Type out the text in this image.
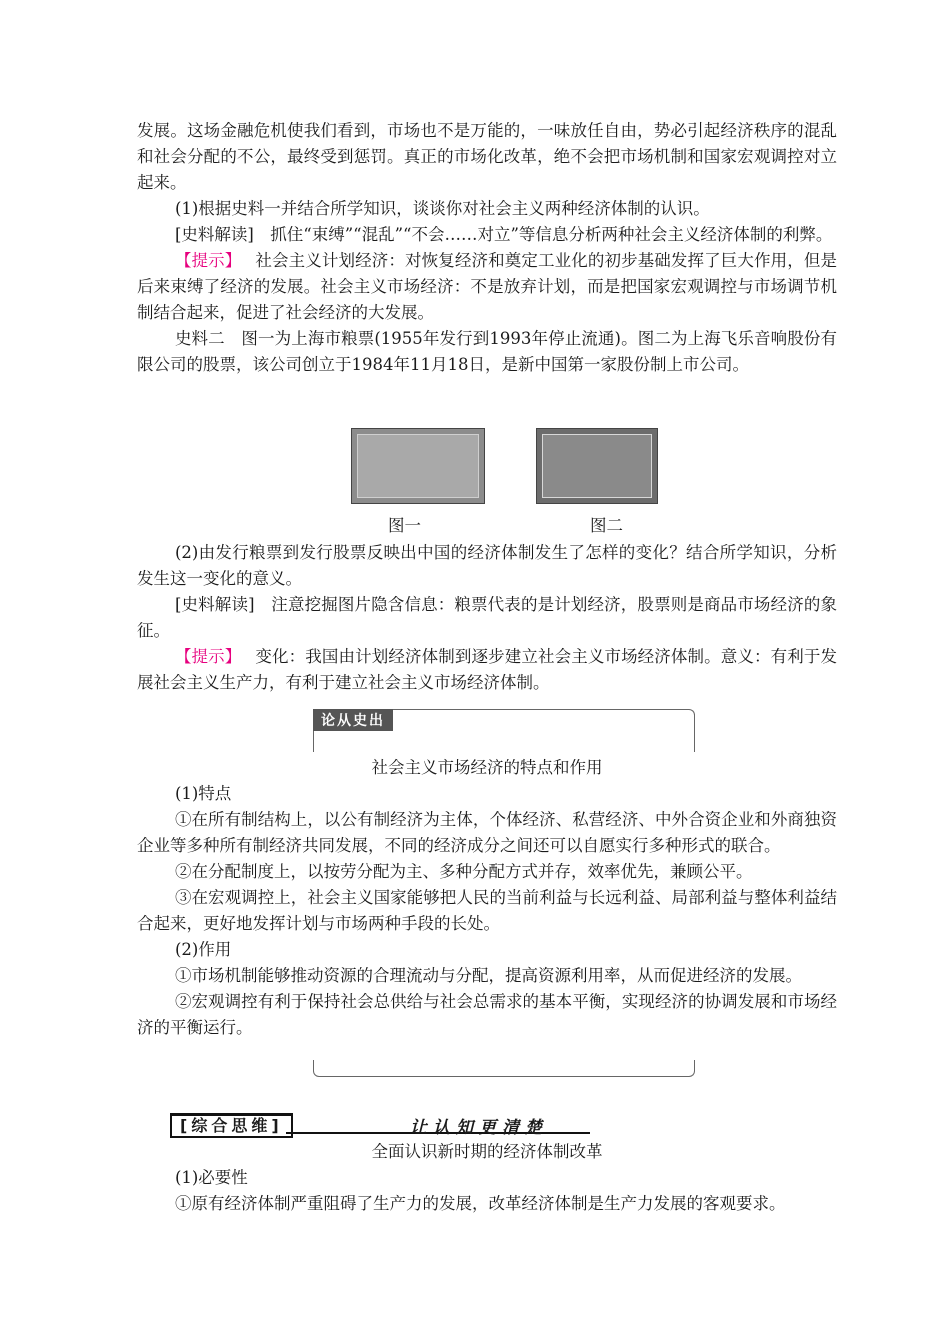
发展。这场金融危机使我们看到，市场也不是万能的，一味放任自由，势必引起经济秩序的混乱和社会分配的不公，最终受到惩罚。真正的市场化改革，绝不会把市场机制和国家宏观调控对立起来。

(1)根据史料一并结合所学知识，谈谈你对社会主义两种经济体制的认识。

[史料解读]　抓住“束缚”“混乱”“不会……对立”等信息分析两种社会主义经济体制的利弊。

【提示】 社会主义计划经济：对恢复经济和奠定工业化的初步基础发挥了巨大作用，但是后来束缚了经济的发展。社会主义市场经济：不是放弃计划，而是把国家宏观调控与市场调节机制结合起来，促进了社会经济的大发展。

史料二　图一为上海市粮票(1955年发行到1993年停止流通)。图二为上海飞乐音响股份有限公司的股票，该公司创立于1984年11月18日，是新中国第一家股份制上市公司。

图一	图二

(2)由发行粮票到发行股票反映出中国的经济体制发生了怎样的变化？结合所学知识，分析发生这一变化的意义。

[史料解读]　注意挖掘图片隐含信息：粮票代表的是计划经济，股票则是商品市场经济的象征。

【提示】 变化：我国由计划经济体制到逐步建立社会主义市场经济体制。意义：有利于发展社会主义生产力，有利于建立社会主义市场经济体制。

论从史出

社会主义市场经济的特点和作用

(1)特点

①在所有制结构上，以公有制经济为主体，个体经济、私营经济、中外合资企业和外商独资企业等多种所有制经济共同发展，不同的经济成分之间还可以自愿实行多种形式的联合。

②在分配制度上，以按劳分配为主、多种分配方式并存，效率优先，兼顾公平。

③在宏观调控上，社会主义国家能够把人民的当前利益与长远利益、局部利益与整体利益结合起来，更好地发挥计划与市场两种手段的长处。

(2)作用

①市场机制能够推动资源的合理流动与分配，提高资源利用率，从而促进经济的发展。

②宏观调控有利于保持社会总供给与社会总需求的基本平衡，实现经济的协调发展和市场经济的平衡运行。

[综合思维]	让认知更清楚

全面认识新时期的经济体制改革

(1)必要性

①原有经济体制严重阻碍了生产力的发展，改革经济体制是生产力发展的客观要求。
